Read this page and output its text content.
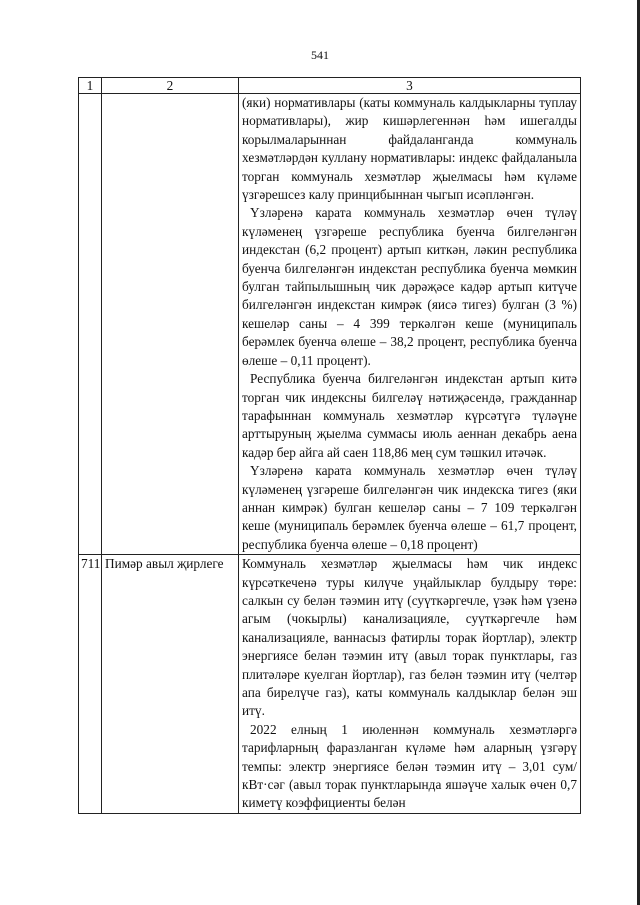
541
1	2	3

		(яки) нормативлары (каты коммуналь калдыкларны туплау нормативлары), жир кишәрлегеннән һәм ишегалды корылмаларыннан файдаланганда коммуналь хезмәтләрдән куллану нормативлары: индекс файдаланыла торган коммуналь хезмәтләр җыелмасы һәм күләме үзгәрешсез калу принцибыннан чыгып исәпләнгән.

Үзләренә карата коммуналь хезмәтләр өчен түләү күләменең үзгәреше республика буенча билгеләнгән индекстан (6,2 процент) артып киткән, ләкин республика буенча билгеләнгән индекстан республика буенча мөмкин булган тайпылышның чик дәрәҗәсе кадәр артып китүче билгеләнгән индекстан кимрәк (яисә тигез) булган (3 %) кешеләр саны – 4 399 теркәлгән кеше (муниципаль берәмлек буенча өлеше – 38,2 процент, республика буенча өлеше – 0,11 процент).

Республика буенча билгеләнгән индекстан артып китә торган чик индексны билгеләү нәтиҗәсендә, гражданнар тарафыннан коммуналь хезмәтләр күрсәтүгә түләүне арттыруның җыелма суммасы июль аеннан декабрь аена кадәр бер айга ай саен 118,86 мең сум тәшкил итәчәк.

Үзләренә карата коммуналь хезмәтләр өчен түләү күләменең үзгәреше билгеләнгән чик индекска тигез (яки аннан кимрәк) булган кешеләр саны – 7 109 теркәлгән кеше (муниципаль берәмлек буенча өлеше – 61,7 процент, республика буенча өлеше – 0,18 процент)

711	Пимәр авыл җирлеге	Коммуналь хезмәтләр җыелмасы һәм чик индекс күрсәткеченә туры килүче уңайлыклар булдыру төре: салкын су белән тәэмин итү (суүткәргечле, үзәк һәм үзенә агым (чокырлы) канализацияле, суүткәргечле һәм канализацияле, ваннасыз фатирлы торак йортлар), электр энергиясе белән тәэмин итү (авыл торак пунктлары, газ плитәләре куелган йортлар), газ белән тәэмин итү (челтәр апа бирелүче газ), каты коммуналь калдыклар белән эш итү.

2022 елның 1 июленнән коммуналь хезмәтләргә тарифларның фаразланган күләме һәм аларның үзгәрү темпы: электр энергиясе белән тәэмин итү – 3,01 сум/кВт·сәг (авыл торак пунктларында яшәүче халык өчен 0,7 киметү коэффициенты белән
